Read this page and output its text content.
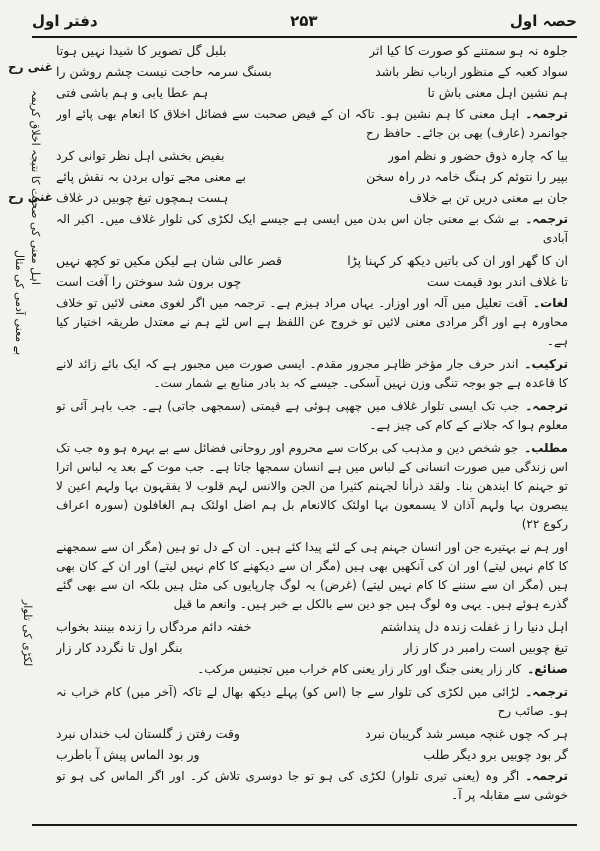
حصہ اول
۲۵۳
دفتر اول
غنی رح
غنی رح
اہل معنی کی صحبت کا نتیجہ اخلاق کریمہ
بے معنی آدمی کی مثال
لکڑی کی تلوار
جلوہ نہ ہو سمتنے کو صورت کا کیا اثر
بلبل گل تصویر کا شیدا نہیں ہوتا
سواد کعبہ کے منظور ارباب نظر باشد
بسنگ سرمہ حاجت نیست چشم روشن را
ہم نشین اہل معنی باش تا
ہم عطا یابی و ہم باشی فتی
ترجمہ۔اہل معنی کا ہم نشین ہو۔ تاکہ ان کے فیض صحبت سے فضائل اخلاق کا انعام بھی پائے اور جوانمرد (عارف) بھی بن جائے۔ حافظ رح
بیا کہ چارہ ذوق حضور و نظم امور
بفیض بخشی اہل نظر توانی کرد
بپیر را نتوئم کر ہنگ خامہ در راہ سخن
بے معنی مجے تواں بردن بہ نقش پائے
جان بے معنی دریں تن بے خلاف
ہست ہمچوں تیغ چوبیں در غلاف
ترجمہ۔بے شک بے معنی جان اس بدن میں ایسی ہے جیسے ایک لکڑی کی تلوار غلاف میں۔ اکبر الہ آبادی
ان کا گھر اور ان کی باتیں دیکھ کر کہنا پڑا
قصر عالی شان ہے لیکن مکیں تو کچھ نہیں
تا غلاف اندر بود قیمت ست
چوں برون شد سوختن را آفت است
لغات۔آفت تعلیل میں آلہ اور اوزار۔ یہاں مراد ہیزم ہے۔ ترجمہ میں اگر لغوی معنی لائیں تو خلاف محاورہ ہے اور اگر مرادی معنی لائیں تو خروج عن اللفظ ہے اس لئے ہم نے معتدل طریقہ اختیار کیا ہے۔
ترکیب۔اندر حرف جار مؤخر ظاہر مجرور مقدم۔ ایسی صورت میں مجبور ہے کہ ایک بائے زائد لانے کا قاعدہ ہے جو بوجہ تنگی وزن نہیں آسکی۔ جیسے کہ بد بادر منابع بے شمار ست۔
ترجمہ۔جب تک ایسی تلوار غلاف میں چھپی ہوئی ہے قیمتی (سمجھی جاتی) ہے۔ جب باہر آئی تو معلوم ہوا کہ جلانے کے کام کی چیز ہے۔
مطلب۔جو شخص دین و مذہب کی برکات سے محروم اور روحانی فضائل سے بے بہرہ ہو وہ جب تک اس زندگی میں صورت انسانی کے لباس میں ہے انسان سمجھا جاتا ہے۔ جب موت کے بعد یہ لباس اترا تو جہنم کا ایندھن بنا۔ ولقد ذرأنا لجہنم کثیرا من الجن والانس لہم قلوب لا یفقہون بہا ولہم اعین لا یبصرون بہا ولہم آذان لا یسمعون بہا اولئک کالانعام بل ہم اضل اولئک ہم الغافلون (سورہ اعراف رکوع ۲۲)
اور ہم نے بہتیرے جن اور انسان جہنم ہی کے لئے پیدا کئے ہیں۔ ان کے دل تو ہیں (مگر ان سے سمجھنے کا کام نہیں لیتے) اور ان کی آنکھیں بھی ہیں (مگر ان سے دیکھنے کا کام نہیں لیتے) اور ان کے کان بھی ہیں (مگر ان سے سننے کا کام نہیں لیتے) (غرض) یہ لوگ چارپایوں کی مثل ہیں بلکہ ان سے بھی گئے گذرے ہوئے ہیں۔ یہی وہ لوگ ہیں جو دین سے بالکل بے خبر ہیں۔ وانعم ما قیل
اہل دنیا را ز غفلت زندہ دل پنداشتم
خفتہ دائم مردگاں را زندہ بینند بخواب
تیغ چوبیں است رامبر در کار زار
بنگر اول تا نگردد کار زار
صنائع۔کار زار یعنی جنگ اور کار زار یعنی کام خراب میں تجنیس مرکب۔
ترجمہ۔لڑائی میں لکڑی کی تلوار سے جا (اس کو) پہلے دیکھ بھال لے تاکہ (آخر میں) کام خراب نہ ہو۔ صائب رح
ہر کہ چوں غنچہ میسر شد گریبان نبرد
وقت رفتن ز گلستان لب خنداں نبرد
گر بود چوبیں برو دیگر طلب
ور بود الماس پیش آ باطرب
ترجمہ۔اگر وہ (یعنی تیری تلوار) لکڑی کی ہو تو جا دوسری تلاش کر۔ اور اگر الماس کی ہو تو خوشی سے مقابلہ پر آ۔
